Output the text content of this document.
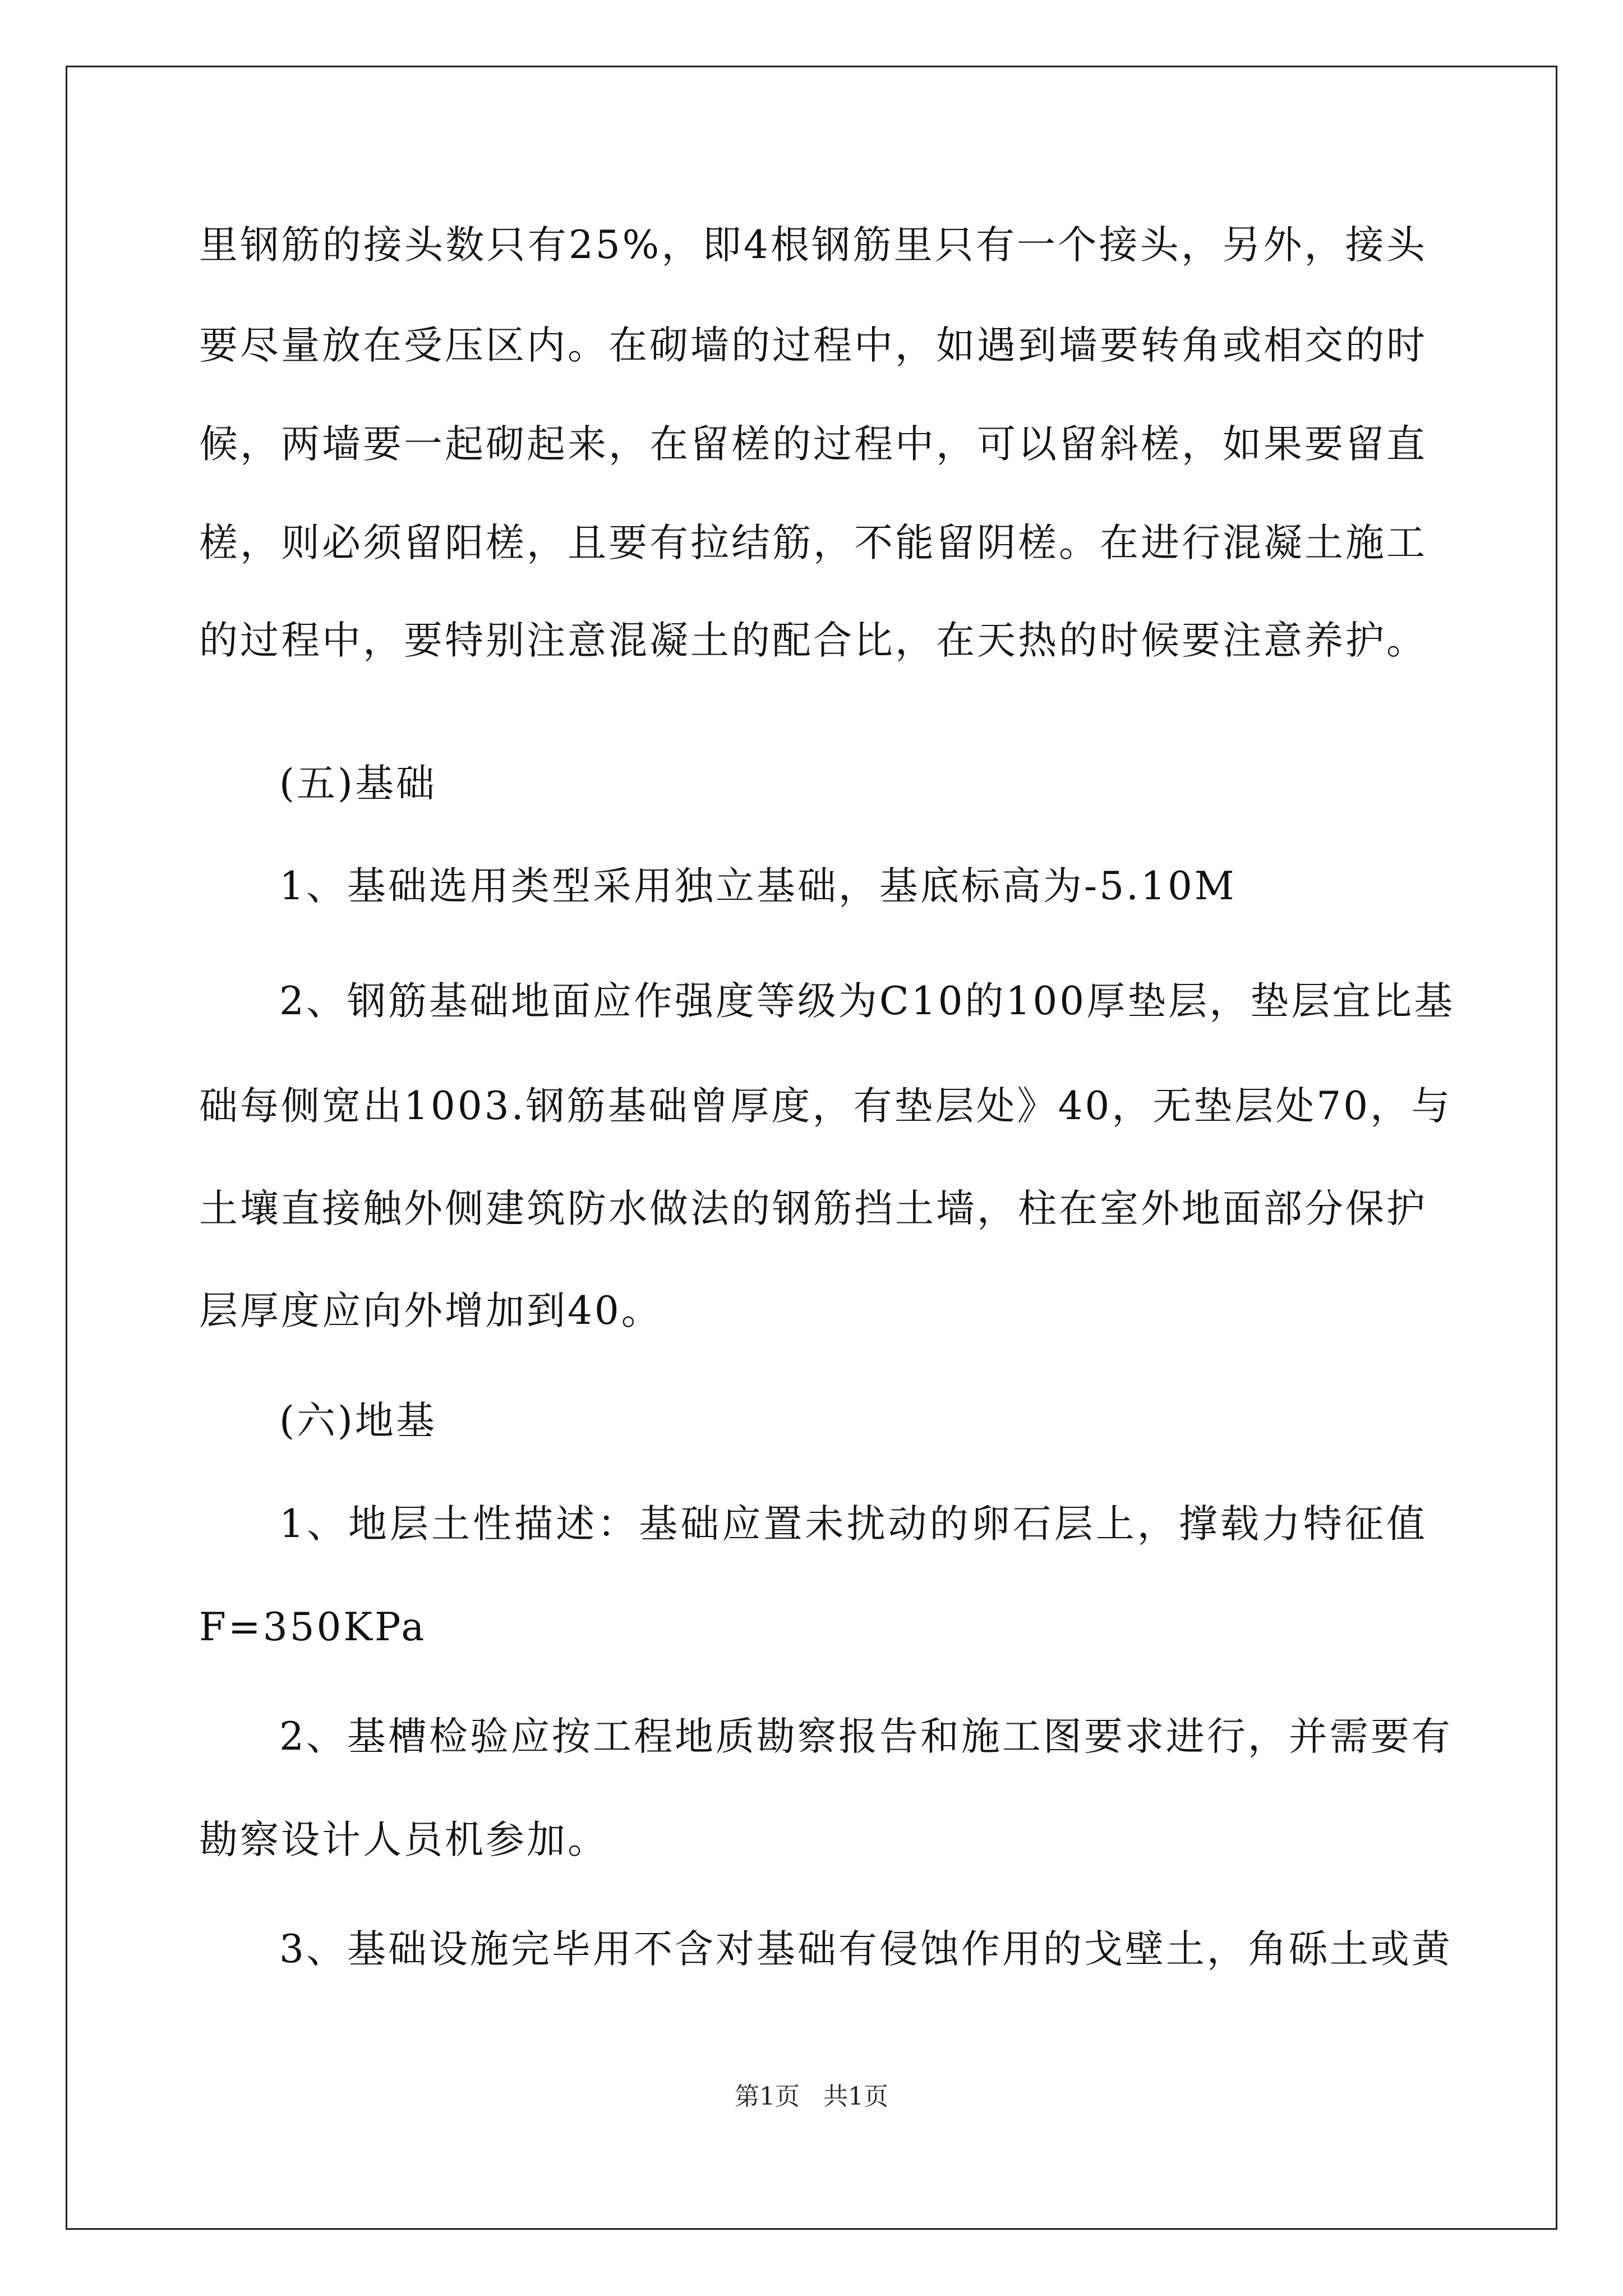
里钢筋的接头数只有25%，即4根钢筋里只有一个接头，另外，接头
要尽量放在受压区内。在砌墙的过程中，如遇到墙要转角或相交的时
候，两墙要一起砌起来，在留槎的过程中，可以留斜槎，如果要留直
槎，则必须留阳槎，且要有拉结筋，不能留阴槎。在进行混凝土施工
的过程中，要特别注意混凝土的配合比，在天热的时候要注意养护。
(五)基础
1、基础选用类型采用独立基础，基底标高为-5.10M
2、钢筋基础地面应作强度等级为C10的100厚垫层，垫层宜比基
础每侧宽出1003.钢筋基础曾厚度，有垫层处》40，无垫层处70，与
土壤直接触外侧建筑防水做法的钢筋挡土墙，柱在室外地面部分保护
层厚度应向外增加到40。
(六)地基
1、地层土性描述：基础应置未扰动的卵石层上，撑载力特征值
F=350KPa
2、基槽检验应按工程地质勘察报告和施工图要求进行，并需要有
勘察设计人员机参加。
3、基础设施完毕用不含对基础有侵蚀作用的戈壁土，角砾土或黄
第1页 共1页
